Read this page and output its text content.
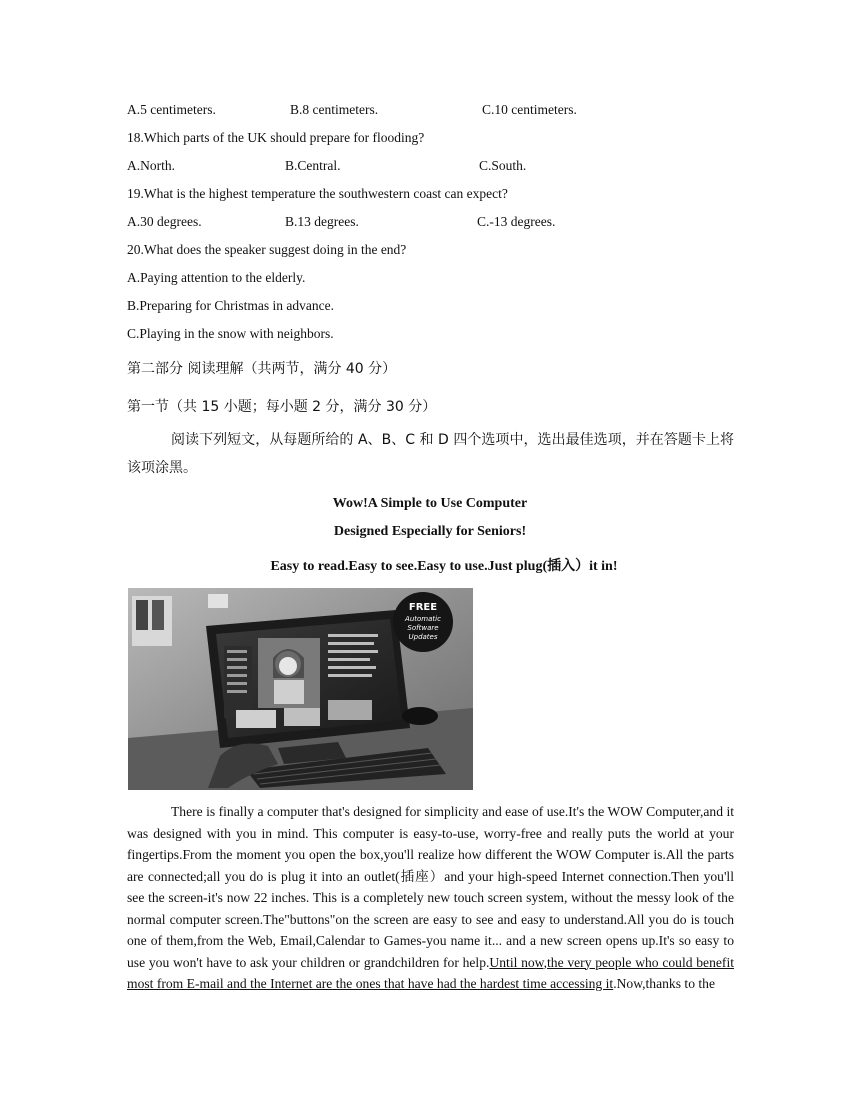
A.5 centimeters.	B.8 centimeters.	C.10 centimeters.
18.Which parts of the UK should prepare for flooding?
A.North.	B.Central.	C.South.
19.What is the highest temperature the southwestern coast can expect?
A.30 degrees.	B.13 degrees.	C.-13 degrees.
20.What does the speaker suggest doing in the end?
A.Paying attention to the elderly.
B.Preparing for Christmas in advance.
C.Playing in the snow with neighbors.
第二部分 阅读理解（共两节，满分 40 分）
第一节（共 15 小题；每小题 2 分，满分 30 分）
阅读下列短文，从每题所给的 A、B、C 和 D 四个选项中，选出最佳选项，并在答题卡上将该项涂黑。
Wow!A Simple to Use Computer
Designed Especially for Seniors!
Easy to read.Easy to see.Easy to use.Just plug(插入）it in!
FREE
Automatic
Software
Updates
There is finally a computer that's designed for simplicity and ease of use.It's the WOW Computer,and it was designed with you in mind. This computer is easy-to-use, worry-free and really puts the world at your fingertips.From the moment you open the box,you'll realize how different the WOW Computer is.All the parts are connected;all you do is plug it into an outlet(插座）and your high-speed Internet connection.Then you'll see the screen-it's now 22 inches. This is a completely new touch screen system, without the messy look of the normal computer screen.The"buttons"on the screen are easy to see and easy to understand.All you do is touch one of them,from the Web, Email,Calendar to Games-you name it... and a new screen opens up.It's so easy to use you won't have to ask your children or grandchildren for help.Until now,the very people who could benefit most from E-mail and the Internet are the ones that have had the hardest time accessing it.Now,thanks to the
